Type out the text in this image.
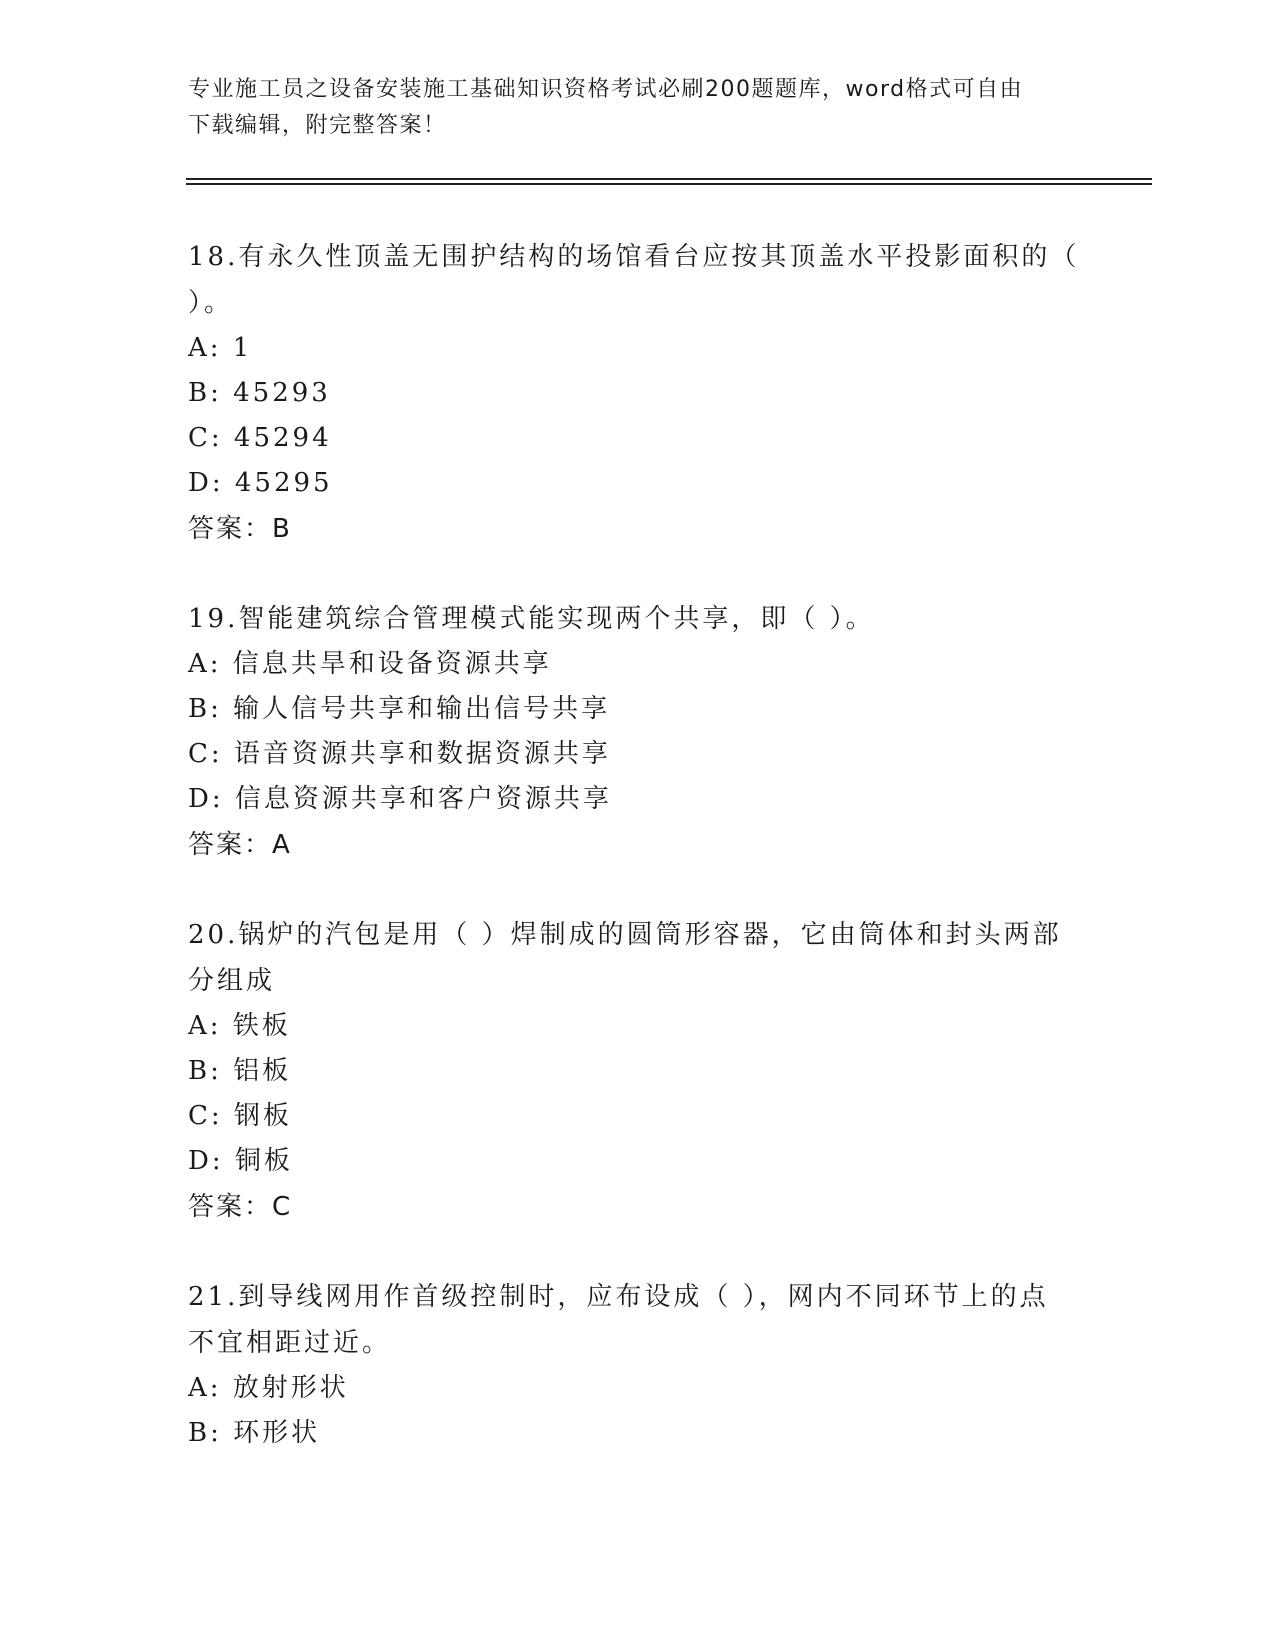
专业施工员之设备安装施工基础知识资格考试必刷200题题库，word格式可自由
下载编辑，附完整答案！
18.有永久性顶盖无围护结构的场馆看台应按其顶盖水平投影面积的（
）。
A: 1
B: 45293
C: 45294
D: 45295
答案：B
19.智能建筑综合管理模式能实现两个共享，即（ ）。
A: 信息共旱和设备资源共享
B: 输人信号共享和输出信号共享
C: 语音资源共享和数据资源共享
D: 信息资源共享和客户资源共享
答案：A
20.锅炉的汽包是用（ ）焊制成的圆筒形容器，它由筒体和封头两部
分组成
A: 铁板
B: 铝板
C: 钢板
D: 铜板
答案：C
21.到导线网用作首级控制时，应布设成（ ），网内不同环节上的点
不宜相距过近。
A: 放射形状
B: 环形状
